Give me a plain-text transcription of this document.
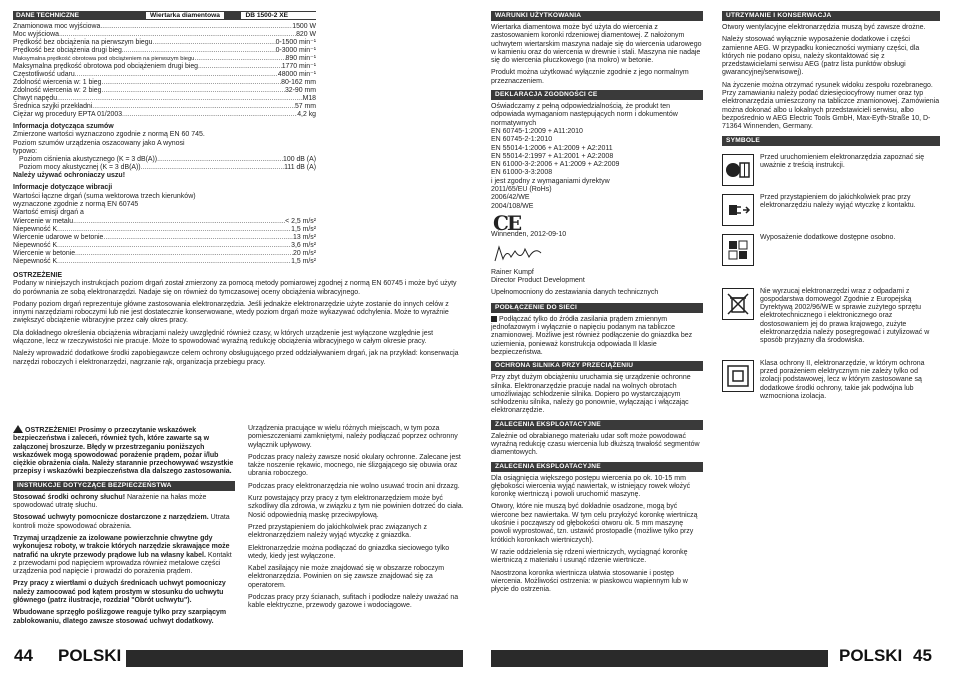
DANE TECHNICZNE	Wiertarka diamentowa	DB 1500-2 XE
Znamionowa moc wyjściowa .....	1500 W
Moc wyjściowa .....	820 W
Prędkość bez obciążenia na pierwszym biegu .....	0-1500 min⁻¹
Prędkość bez obciążenia drugi bieg .....	0-3000 min⁻¹
Maksymalna prędkość obrotowa pod obciążeniem na pierwszym biegu .....	890 min⁻¹
Maksymalna prędkość obrotowa pod obciążeniem drugi bieg .....	1770 min⁻¹
Częstotliwość udaru .....	48000 min⁻¹
Zdolność wiercenia w: 1 bieg .....	80-162 mm
Zdolność wiercenia w: 2 bieg .....	32-90 mm
Chwyt napędu .....	M18
Średnica szyjki przekładni .....	57 mm
Ciężar wg procedury EPTA 01/2003 .....	4,2 kg
Informacja dotycząca szumów
Zmierzone wartości wyznaczono zgodnie z normą EN 60 745.
Poziom szumów urządzenia oszacowany jako A wynosi
typowo:
Poziom ciśnienia akustycznego (K = 3 dB(A)) .....	100 dB (A)
Poziom mocy akustycznej (K = 3 dB(A)) .....	111 dB (A)
Należy używać ochroniaczy uszu!
Informacje dotyczące wibracji
Wartości łączne drgań (suma wektorowa trzech kierunków)
wyznaczone zgodnie z normą EN 60745
Wartość emisji drgań a
Wiercenie w metalu .....	< 2,5 m/s²
Niepewność K .....	1,5 m/s²
Wiercenie udarowe w betonie .....	13 m/s²
Niepewność K .....	3,6 m/s²
Wiercenie w betonie .....	20 m/s²
Niepewność K .....	1,5 m/s²
OSTRZEŻENIE

Podany w niniejszych instrukcjach poziom drgań został zmierzony za pomocą metody pomiarowej zgodnej z normą EN 60745 i może być użyty do porównania ze sobą elektronarzędzi. Nadaje się on również do tymczasowej oceny obciążenia wibracyjnego.

Podany poziom drgań reprezentuje główne zastosowania elektronarzędzia. Jeśli jednakże elektronarzędzie użyte zostanie do innych celów z innymi narzędziami roboczymi lub nie jest dostatecznie konserwowane, wtedy poziom drgań może wykazywać odchylenia. Może to wyraźnie zwiększyć obciążenie wibracyjne przez cały okres pracy.

Dla dokładnego określenia obciążenia wibracjami należy uwzględnić również czasy, w których urządzenie jest wyłączone względnie jest włączone, lecz w rzeczywistości nie pracuje. Może to spowodować wyraźną redukcję obciążenia wibracyjnego w całym okresie pracy.

Należy wprowadzić dodatkowe środki zapobiegawcze celem ochrony obsługującego przed oddziaływaniem drgań, jak na przykład: konserwacja narzędzi roboczych i elektronarzędzi, nagrzanie rąk, organizacja przebiegu pracy.

OSTRZEŻENIE! Prosimy o przeczytanie wskazówek bezpieczeństwa i zaleceń, również tych, które zawarte są w załączonej broszurze. Błędy w przestrzeganiu poniższych wskazówek mogą spowodować porażenie prądem, pożar i/lub ciężkie obrażenia ciała. Należy starannie przechowywać wszystkie przepisy i wskazówki bezpieczeństwa dla dalszego zastosowania.

INSTRUKCJE DOTYCZĄCE BEZPIECZEŃSTWA

Stosować środki ochrony słuchu! Narażenie na hałas może spowodować utratę słuchu.

Stosować uchwyty pomocnicze dostarczone z narzędziem. Utrata kontroli może spowodować obrażenia.

Trzymaj urządzenie za izolowane powierzchnie chwytne gdy wykonujesz roboty, w trakcie których narzędzie skrawające może natrafić na ukryte przewody prądowe lub na własny kabel. Kontakt z przewodami pod napięciem wprowadza również metalowe części urządzenia pod napięcie i prowadzi do porażenia prądem.

Przy pracy z wiertłami o dużych średnicach uchwyt pomocniczy należy zamocować pod kątem prostym w stosunku do uchwytu głównego (patrz ilustracje, rozdział "Obrót uchwytu").

Wbudowane sprzęgło poślizgowe reaguje tylko przy szarpiącym zablokowaniu, dlatego zawsze stosować uchwyt dodatkowy.

Urządzenia pracujące w wielu różnych miejscach, w tym poza pomieszczeniami zamkniętymi, należy podłączać poprzez ochronny wyłącznik upływowy.

Podczas pracy należy zawsze nosić okulary ochronne. Zalecane jest także noszenie rękawic, mocnego, nie ślizgającego się obuwia oraz ubrania roboczego.

Podczas pracy elektronarzędzia nie wolno usuwać trocin ani drzazg.

Kurz powstający przy pracy z tym elektronarzędziem może być szkodliwy dla zdrowia, w związku z tym nie powinien dotrzeć do ciała. Nosić odpowiednią maskę przeciwpyłową.

Przed przystąpieniem do jakichkolwiek prac związanych z elektronarzędziem należy wyjąć wtyczkę z gniazdka.

Elektronarzędzie można podłączać do gniazdka sieciowego tylko wtedy, kiedy jest wyłączone.

Kabel zasilający nie może znajdować się w obszarze roboczym elektronarzędzia. Powinien on się zawsze znajdować się za operatorem.

Podczas pracy przy ścianach, sufitach i podłodze należy uważać na kable elektryczne, przewody gazowe i wodociągowe.

44 POLSKI
WARUNKI UŻYTKOWANIA

Wiertarka diamentowa może być użyta do wiercenia z zastosowaniem koronki rdzeniowej diamentowej. Z nałożonym uchwytem wiertarskim maszyna nadaje się do wiercenia udarowego w kamieniu oraz do wiercenia w drewnie i stali. Maszyna nie nadaje się do wiercenia płuczkowego (na mokro) w betonie.

Produkt można użytkować wyłącznie zgodnie z jego normalnym przeznaczeniem.

DEKLARACJA ZGODNOŚCI CE
Oświadczamy z pełną odpowiedzialnością, że produkt ten odpowiada wymaganiom następujących norm i dokumentów normatywnych
EN 60745-1:2009 + A11:2010
EN 60745-2-1:2010
EN 55014-1:2006 + A1:2009 + A2:2011
EN 55014-2:1997 + A1:2001 + A2:2008
EN 61000-3-2:2006 + A1:2009 + A2:2009
EN 61000-3-3:2008
i jest zgodny z wymaganiami dyrektyw
2011/65/EU (RoHs)
2006/42/WE
2004/108/WE
CE
Winnenden, 2012-09-10
Rainer Kumpf
Director Product Development
Upełnomocniony do zestawiania danych technicznych
PODŁĄCZENIE DO SIECI

Podłączać tylko do źródła zasilania prądem zmiennym jednofazowym i wyłącznie o napięciu podanym na tabliczce znamionowej. Możliwe jest również podłączenie do gniazdka bez uziemienia, ponieważ konstrukcja odpowiada II klasie bezpieczeństwa.

OCHRONA SILNIKA PRZY PRZECIĄŻENIU

Przy zbyt dużym obciążeniu uruchamia się urządzenie ochronne silnika. Elektronarzędzie pracuje nadal na wolnych obrotach umożliwiając schłodzenie silnika. Dopiero po wystarczającym schłodzeniu silnika, należy go ponownie, wyłączając i włączając elektronarzędzie.

ZALECENIA EKSPLOATACYJNE

Zależnie od obrabianego materiału udar soft może powodować wyraźną redukcję czasu wiercenia lub dłuższą trwałość segmentów diamentowych.

ZALECENIA EKSPLOATACYJNE

Dla osiągnięcia większego postępu wiercenia po ok. 10-15 mm głębokości wiercenia wyjąć nawiertak, w istniejący rowek włożyć koronkę wiertniczą i powoli uruchomić maszynę.

Otwory, które nie muszą być dokładnie osadzone, mogą być wiercone bez nawiertaka. W tym celu przyłożyć koronkę wiertniczą ukośnie i począwszy od głębokości otworu ok. 5 mm maszynę powoli wyprostować, tzn. ustawić prostopadle (możliwe tylko przy krótkich koronkach wiertniczych).

W razie oddzielenia się rdzeni wiertniczych, wyciągnąć koronkę wiertniczą z materiału i usunąć rdzenie wiertnicze.

Naostrzona koronka wiertnicza ułatwia stosowanie i postęp wiercenia. Możliwości ostrzenia: w piaskowcu wapiennym lub w płycie do ostrzenia.

UTRZYMANIE I KONSERWACJA

Otwory wentylacyjne elektronarzędzia muszą być zawsze drożne.

Należy stosować wyłącznie wyposażenie dodatkowe i części zamienne AEG. W przypadku konieczności wymiany części, dla których nie podano opisu, należy skontaktować się z przedstawicielami serwisu AEG (patrz lista punktów obsługi gwarancyjnej/serwisowej).

Na życzenie można otrzymać rysunek widoku zespołu rozebranego. Przy zamawianiu należy podać dziesięciocyfrowy numer oraz typ elektronarzędzia umieszczony na tabliczce znamionowej. Zamówienia można dokonać albo u lokalnych przedstawicieli serwisu, albo bezpośrednio w AEG Electric Tools GmbH, Max-Eyth-Straße 10, D-71364 Winnenden, Germany.

SYMBOLE
Przed uruchomieniem elektronarzędzia zapoznać się uważnie z treścią instrukcji.
Przed przystąpieniem do jakichkolwiek prac przy elektronarzędziu należy wyjąć wtyczkę z kontaktu.
Wyposażenie dodatkowe dostępne osobno.
Nie wyrzucaj elektronarzędzi wraz z odpadami z gospodarstwa domowego! Zgodnie z Europejską Dyrektywą 2002/96/WE w sprawie zużytego sprzętu elektrotechnicznego i elektronicznego oraz dostosowaniem jej do prawa krajowego, zużyte elektronarzędzia należy posegregować i zutylizować w sposób przyjazny dla środowiska.
Klasa ochrony II, elektronarzędzie, w którym ochrona przed porażeniem elektrycznym nie zależy tylko od izolacji podstawowej, lecz w którym zastosowane są dodatkowe środki ochrony, takie jak podwójna lub wzmocniona izolacja.
POLSKI 45
